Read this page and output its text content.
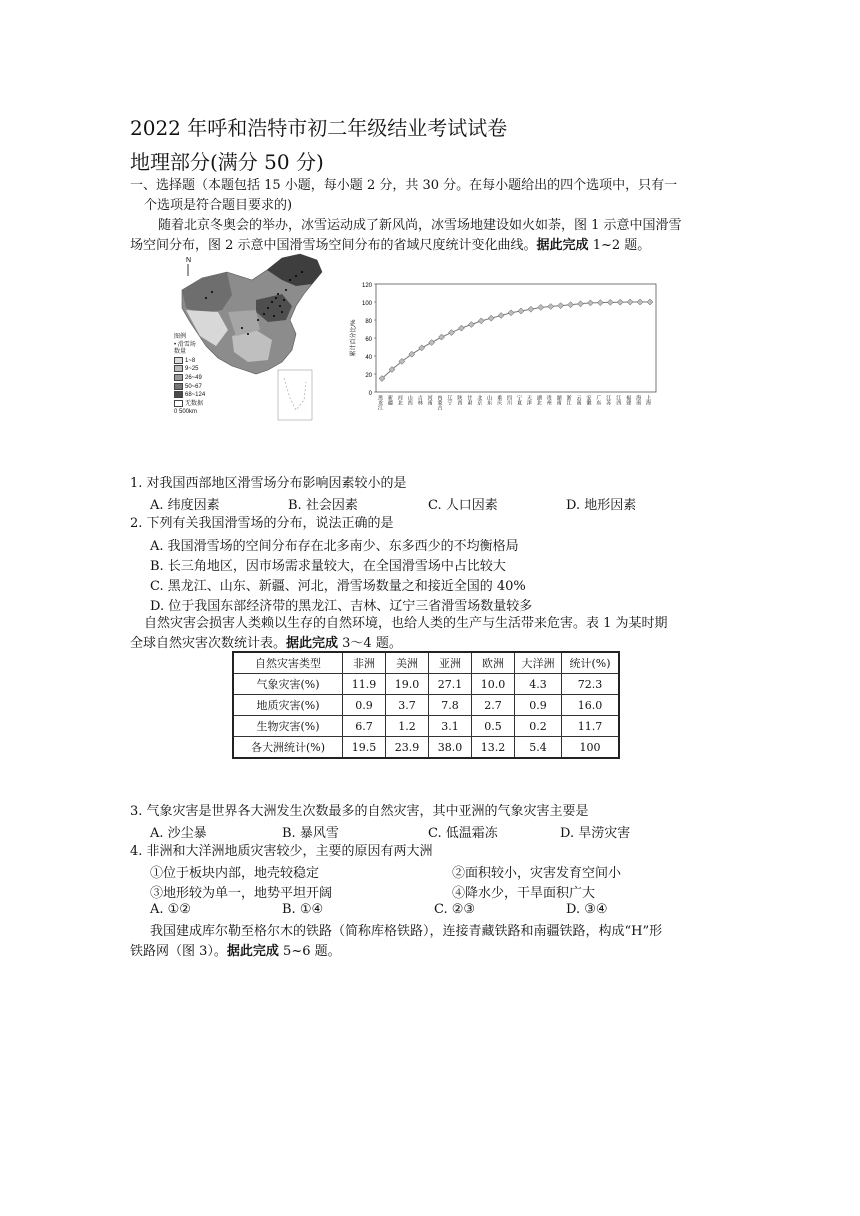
2022 年呼和浩特市初二年级结业考试试卷
地理部分(满分 50 分)
一、选择题（本题包括 15 小题，每小题 2 分，共 30 分。在每小题给出的四个选项中，只有一
个选项是符合题目要求的)
随着北京冬奥会的举办，冰雪运动成了新风尚，冰雪场地建设如火如荼，图 1 示意中国滑雪
场空间分布，图 2 示意中国滑雪场空间分布的省域尺度统计变化曲线。据此完成 1~2 题。
N
图例
• 滑雪场
数量
1~8
9~25
26~49
50~67
68~124
无数据
0 500km
0
20
40
60
80
100
120
累计百分比/%
黑龙江 新疆 河北 山西 吉林 河南 内蒙古 辽宁 陕西 甘肃 北京 山东 重庆 四川 宁夏 天津 湖北 贵州 湖南 浙江 云南 安徽 广东 江苏 江西 福建 海南 上海
1. 对我国西部地区滑雪场分布影响因素较小的是
A. 纬度因素	B. 社会因素	C. 人口因素	D. 地形因素
2. 下列有关我国滑雪场的分布，说法正确的是
A. 我国滑雪场的空间分布存在北多南少、东多西少的不均衡格局
B. 长三角地区，因市场需求量较大，在全国滑雪场中占比较大
C. 黑龙江、山东、新疆、河北，滑雪场数量之和接近全国的 40%
D. 位于我国东部经济带的黑龙江、吉林、辽宁三省滑雪场数量较多
自然灾害会损害人类赖以生存的自然环境，也给人类的生产与生活带来危害。表 1 为某时期
全球自然灾害次数统计表。据此完成 3～4 题。
自然灾害类型	非洲	美洲	亚洲	欧洲	大洋洲	统计(%)
气象灾害(%)	11.9	19.0	27.1	10.0	4.3	72.3
地质灾害(%)	0.9	3.7	7.8	2.7	0.9	16.0
生物灾害(%)	6.7	1.2	3.1	0.5	0.2	11.7
各大洲统计(%)	19.5	23.9	38.0	13.2	5.4	100
3. 气象灾害是世界各大洲发生次数最多的自然灾害，其中亚洲的气象灾害主要是
A. 沙尘暴	B. 暴风雪	C. 低温霜冻	D. 旱涝灾害
4. 非洲和大洋洲地质灾害较少，主要的原因有两大洲
①位于板块内部，地壳较稳定	②面积较小，灾害发育空间小
③地形较为单一，地势平坦开阔	④降水少，干旱面积广大
A. ①②	B. ①④	C. ②③	D. ③④
我国建成库尔勒至格尔木的铁路（简称库格铁路），连接青藏铁路和南疆铁路，构成“H”形
铁路网（图 3）。据此完成 5~6 题。
